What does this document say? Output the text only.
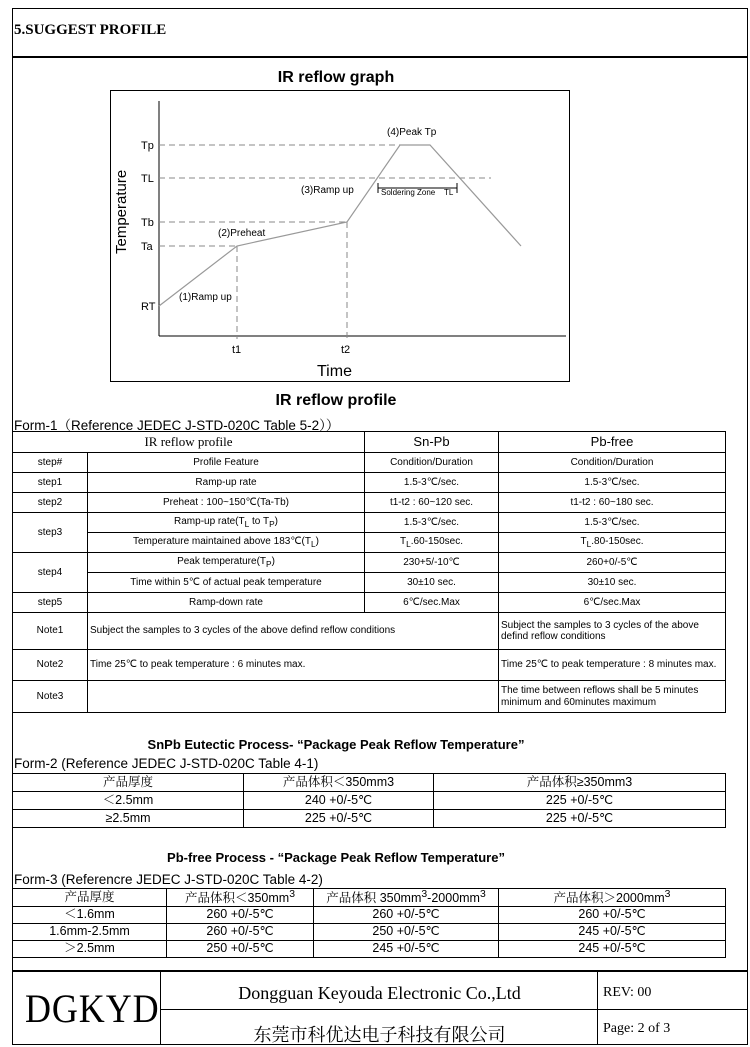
5.SUGGEST PROFILE
IR reflow graph
Tp
TL
Tb
Ta
RT
t1	t2
Temperature
Time
(1)Ramp up
(2)Preheat
(3)Ramp up
(4)Peak Tp
Soldering Zone TL
IR reflow profile
Form-1（Reference JEDEC J-STD-020C Table 5-2））
IR reflow profile		Sn-Pb	Pb-free
step#	Profile Feature	Condition/Duration	Condition/Duration
step1	Ramp-up rate	1.5-3℃/sec.	1.5-3℃/sec.
step2	Preheat : 100~150℃(Ta-Tb)	t1-t2 : 60~120 sec.	t1-t2 : 60~180 sec.
step3	Ramp-up $rate(T_L$ to $T_P$)	1.5-3℃/sec.	1.5-3℃/sec.
	Temperature maintained above $183℃(T_L)$	$T_L.60-150\sec$.	$T_L.80-150\sec$.
step4	Peak $temperature(T_P)$	230+5/-10℃	260+0/-5℃
	Time within 5℃ of actual peak temperature	30±10 sec.	30±10 sec.
step5	Ramp-down rate	6℃/sec.Max	6℃/sec.Max
Note1	Subject the samples to 3 cycles of the above defind reflow conditions		Subject the samples to 3 cycles of the above defind reflow conditions
Note2	Time 25℃ to peak temperature : 6 minutes max.		Time 25℃ to peak temperature : 8 minutes max.
Note3			The time between reflows shall be 5 minutes minimum and 60minutes maximum
SnPb Eutectic Process- “Package Peak Reflow Temperature”
Form-2 (Reference JEDEC J-STD-020C Table 4-1)
产品厚度	产品体积＜350mm3	产品体积≥350mm3
＜2.5mm	240 +0/-5℃	225 +0/-5℃
≥2.5mm	225 +0/-5℃	225 +0/-5℃
Pb-free Process - “Package Peak Reflow Temperature”
Form-3 (Referencre JEDEC J-STD-020C Table 4-2)
产品厚度	产品体积$<350mm^3$	产品体积 $350mm^3-2000mm^3$	产品体积$>2000mm^3$
＜1.6mm	260 +0/-5℃	260 +0/-5℃	260 +0/-5℃
1.6mm-2.5mm	260 +0/-5℃	250 +0/-5℃	245 +0/-5℃
＞2.5mm	250 +0/-5℃	245 +0/-5℃	245 +0/-5℃
DGKYD	Dongguan Keyouda Electronic Co.,Ltd
东莞市科优达电子科技有限公司
REV: 00
Page: 2 of 3
